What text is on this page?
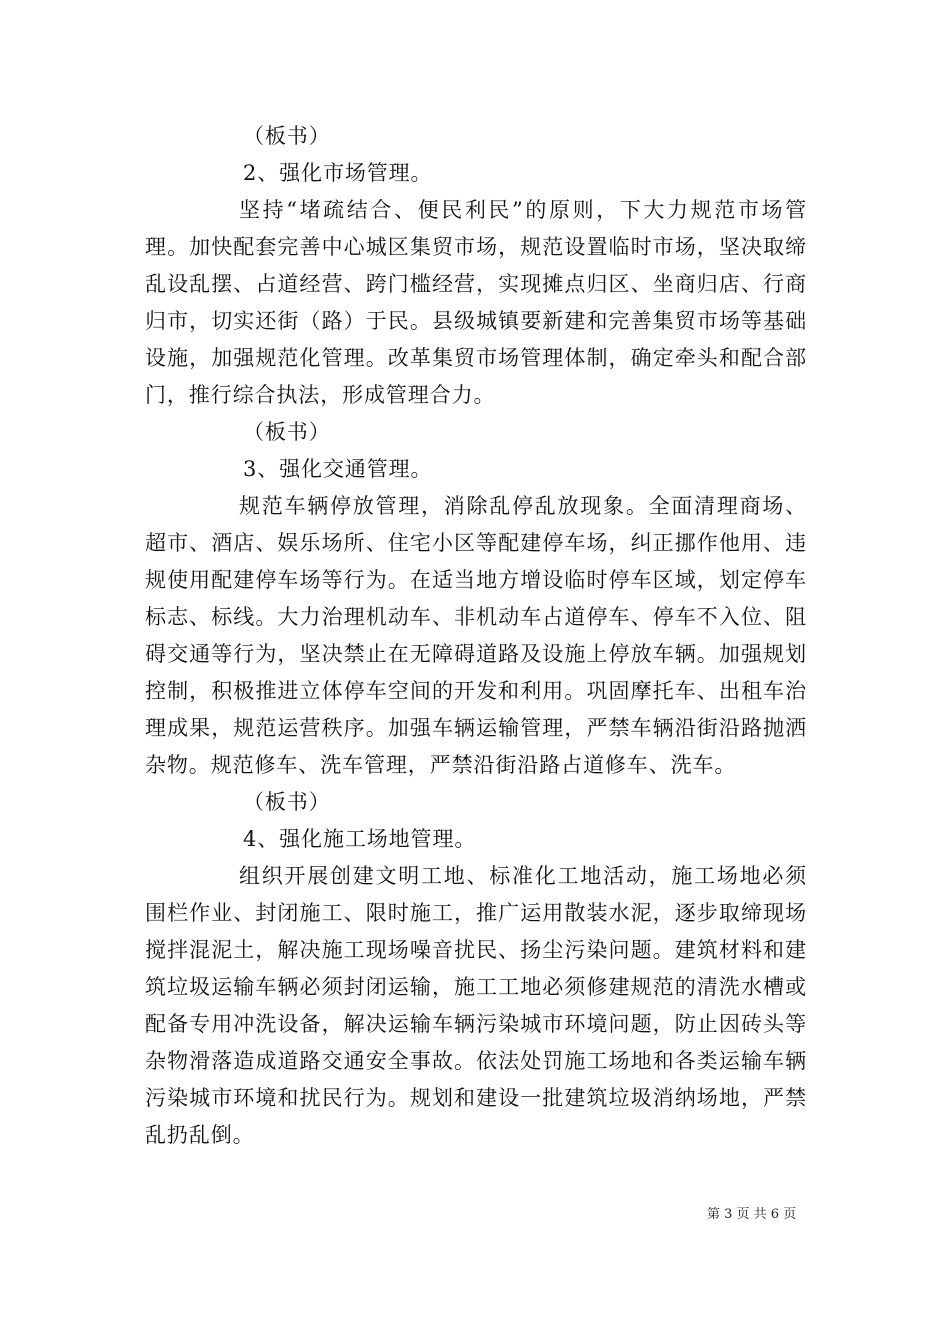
（板书）
2、强化市场管理。

坚持“堵疏结合、便民利民”的原则，下大力规范市场管理。加快配套完善中心城区集贸市场，规范设置临时市场，坚决取缔乱设乱摆、占道经营、跨门槛经营，实现摊点归区、坐商归店、行商归市，切实还街（路）于民。县级城镇要新建和完善集贸市场等基础设施，加强规范化管理。改革集贸市场管理体制，确定牵头和配合部门，推行综合执法，形成管理合力。

（板书）
3、强化交通管理。

规范车辆停放管理，消除乱停乱放现象。全面清理商场、超市、酒店、娱乐场所、住宅小区等配建停车场，纠正挪作他用、违规使用配建停车场等行为。在适当地方增设临时停车区域，划定停车标志、标线。大力治理机动车、非机动车占道停车、停车不入位、阻碍交通等行为，坚决禁止在无障碍道路及设施上停放车辆。加强规划控制，积极推进立体停车空间的开发和利用。巩固摩托车、出租车治理成果，规范运营秩序。加强车辆运输管理，严禁车辆沿街沿路抛洒杂物。规范修车、洗车管理，严禁沿街沿路占道修车、洗车。

（板书）
4、强化施工场地管理。

组织开展创建文明工地、标准化工地活动，施工场地必须围栏作业、封闭施工、限时施工，推广运用散装水泥，逐步取缔现场搅拌混泥土，解决施工现场噪音扰民、扬尘污染问题。建筑材料和建筑垃圾运输车辆必须封闭运输，施工工地必须修建规范的清洗水槽或配备专用冲洗设备，解决运输车辆污染城市环境问题，防止因砖头等杂物滑落造成道路交通安全事故。依法处罚施工场地和各类运输车辆污染城市环境和扰民行为。规划和建设一批建筑垃圾消纳场地，严禁乱扔乱倒。

第 3 页 共 6 页
